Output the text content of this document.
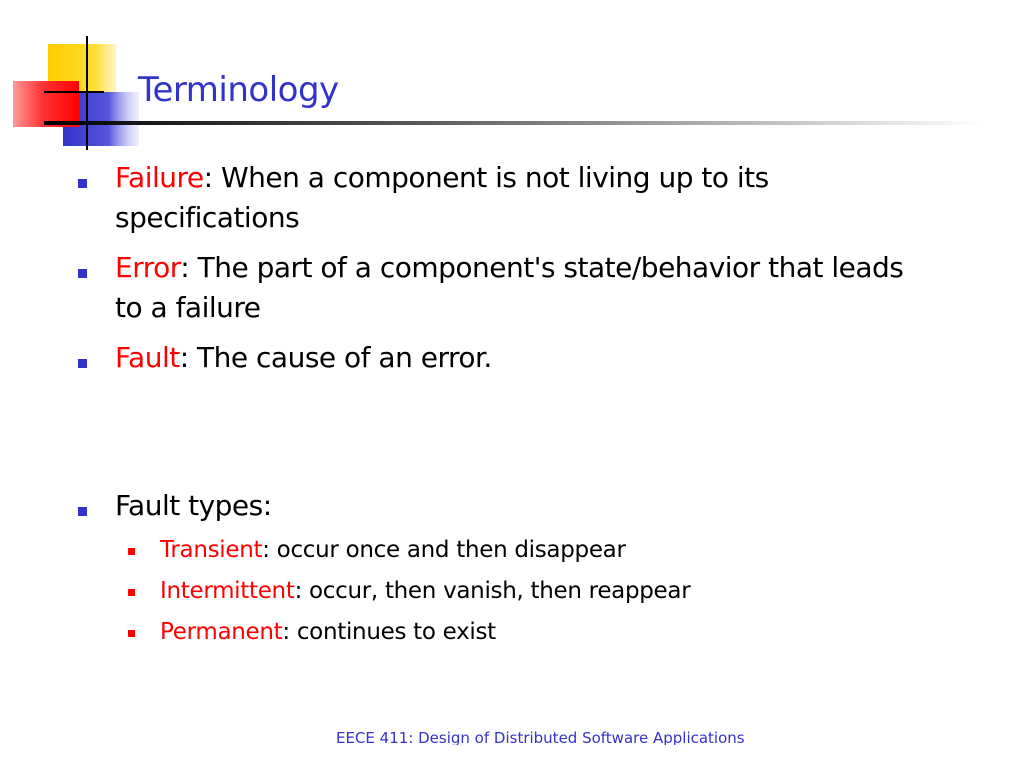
Terminology
Failure: When a component is not living up to its specifications
Error: The part of a component's state/behavior that leads to a failure
Fault: The cause of an error.
Fault types:
Transient: occur once and then disappear
Intermittent: occur, then vanish, then reappear
Permanent: continues to exist
EECE 411: Design of Distributed Software Applications
